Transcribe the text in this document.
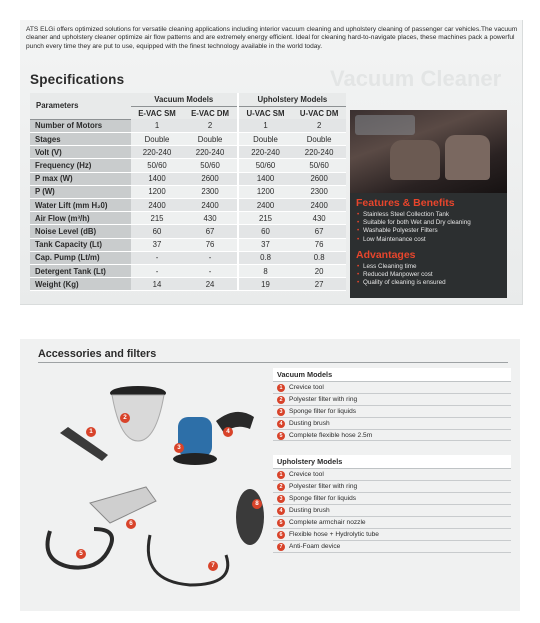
ATS ELGi offers optimized solutions for versatile cleaning applications including interior vacuum cleaning and upholstery cleaning of passenger car vehicles.The vacuum cleaner and upholstery cleaner optimize air flow patterns and are extremely energy efficient. Ideal for cleaning hard-to-navigate places, these machines pack a powerful punch every time they are put to use, equipped with the finest technology available in the world today.

Vacuum Cleaner
Specifications
Parameters	Vacuum Models		Upholstery Models	
	E-VAC SM	E-VAC DM	U-VAC SM	U-VAC DM
Number of Motors	1	2	1	2
Stages	Double	Double	Double	Double
Volt (V)	220-240	220-240	220-240	220-240
Frequency (Hz)	50/60	50/60	50/60	50/60
P max (W)	1400	2600	1400	2600
P (W)	1200	2300	1200	2300
Water Lift (mm H₂0)	2400	2400	2400	2400
Air Flow (m³/h)	215	430	215	430
Noise Level (dB)	60	67	60	67
Tank Capacity (Lt)	37	76	37	76
Cap. Pump (Lt/m)	-	-	0.8	0.8
Detergent Tank (Lt)	-	-	8	20
Weight (Kg)	14	24	19	27
Features & Benefits
• Stainless Steel Collection Tank
• Suitable for both Wet and Dry cleaning
• Washable Polyester Filters
• Low Maintenance cost
Advantages
• Less Cleaning time
• Reduced Manpower cost
• Quality of cleaning is ensured
Accessories and filters
1
2
3
4
5
6
7
8
Vacuum Models
1 Crevice tool
2 Polyester filter with ring
3 Sponge filter for liquids
4 Dusting brush
5 Complete flexible hose 2.5m
Upholstery Models
1 Crevice tool
2 Polyester filter with ring
3 Sponge filter for liquids
4 Dusting brush
5 Complete armchair nozzle
6 Flexible hose + Hydrolytic tube
7 Anti-Foam device
